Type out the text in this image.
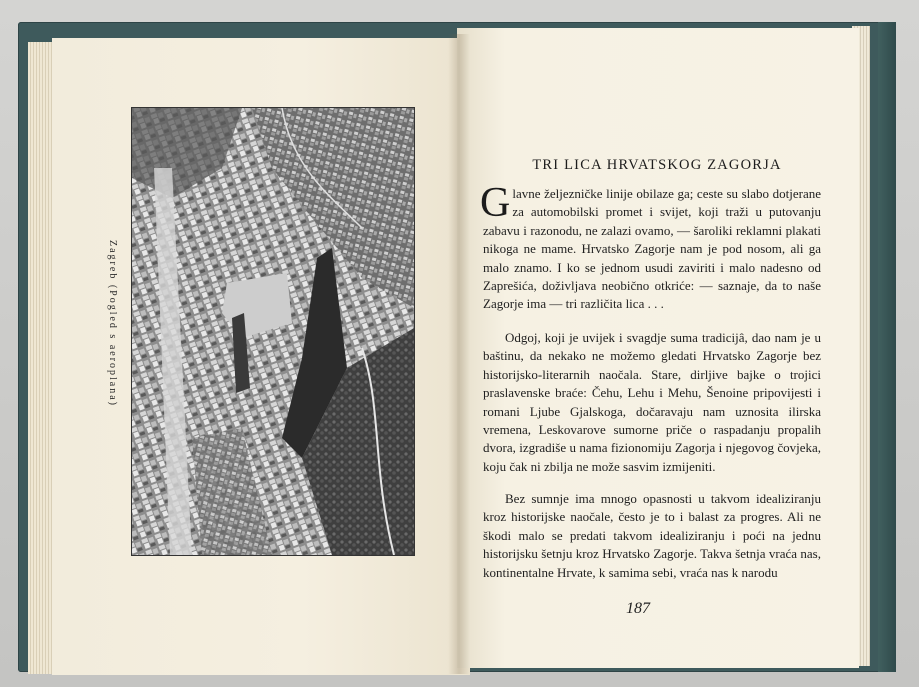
Zagreb (Pogled s aeroplana)
TRI LICA HRVATSKOG ZAGORJA

Glavne željezničke linije obilaze ga; ceste su slabo dotjerane za automobilski promet i svijet, koji traži u putovanju zabavu i razonodu, ne zalazi ovamo, — šaroliki reklamni plakati nikoga ne mame. Hrvatsko Zagorje nam je pod nosom, ali ga malo znamo. I ko se jednom usudi zaviriti i malo nadesno od Zaprešića, doživljava neobično otkriće: — saznaje, da to naše Zagorje ima — tri različita lica . . .

Odgoj, koji je uvijek i svagdje suma tradicijâ, dao nam je u baštinu, da nekako ne možemo gledati Hrvatsko Zagorje bez historijsko-literarnih naočala. Stare, dirljive bajke o trojici praslavenske braće: Čehu, Lehu i Mehu, Šenoine pripovijesti i romani Ljube Gjalskoga, dočaravaju nam uznosita ilirska vremena, Leskovarove sumorne priče o raspadanju propalih dvora, izgradiše u nama fizionomiju Zagorja i njegovog čovjeka, koju čak ni zbilja ne može sasvim izmijeniti.

Bez sumnje ima mnogo opasnosti u takvom idealiziranju kroz historijske naočale, često je to i balast za progres. Ali ne škodi malo se predati takvom idealiziranju i poći na jednu historijsku šetnju kroz Hrvatsko Zagorje. Takva šetnja vraća nas, kontinentalne Hrvate, k samima sebi, vraća nas k narodu

187
